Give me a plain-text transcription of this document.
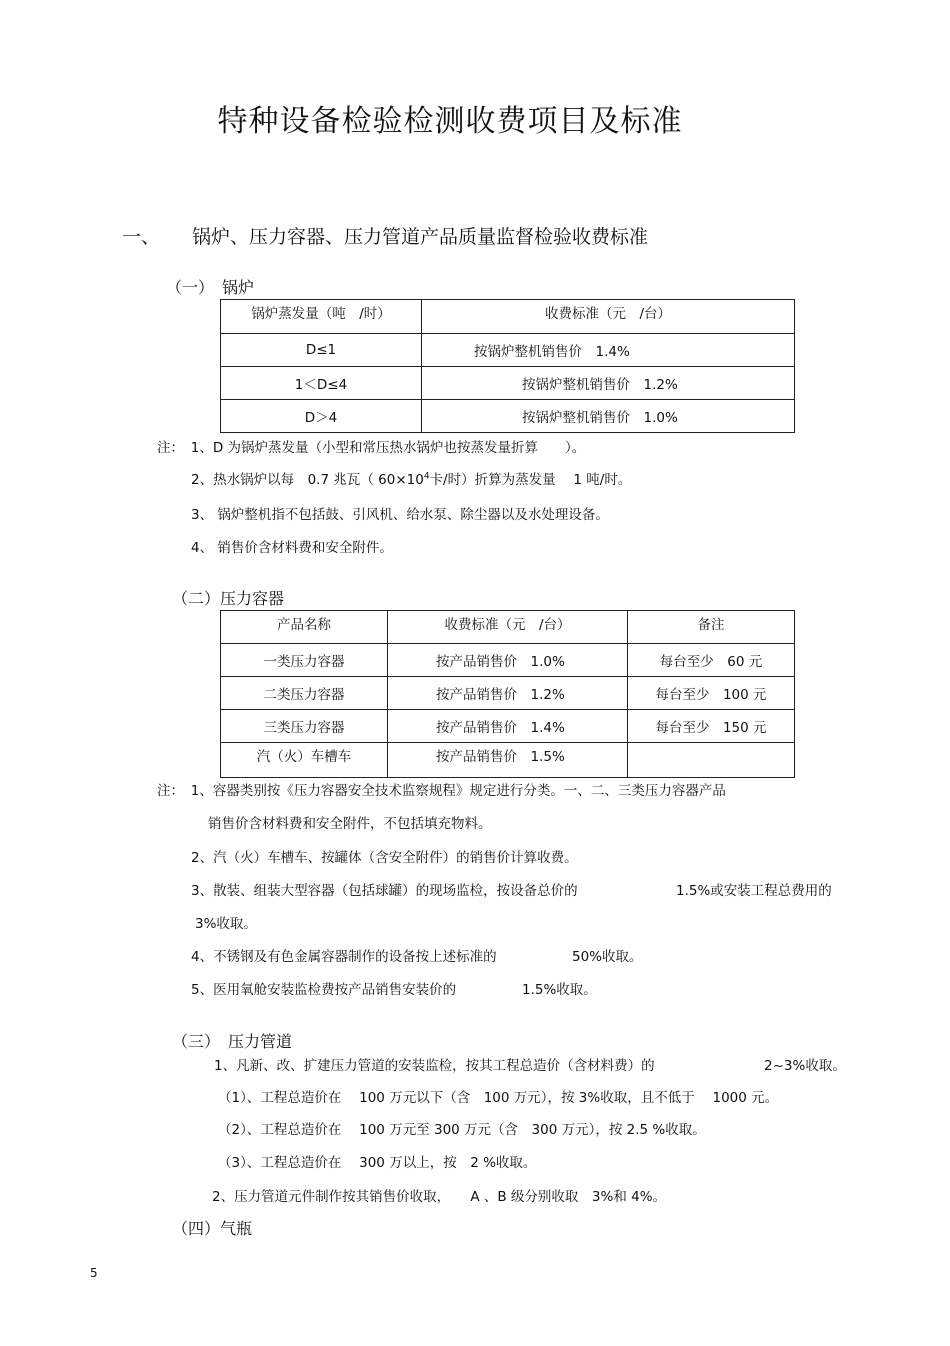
特种设备检验检测收费项目及标准
一、 锅炉、压力容器、压力管道产品质量监督检验收费标准
（一）　锅炉
锅炉蒸发量（吨　/时）	收费标准（元　/台）
D≤1	按锅炉整机销售价　1.4%
1＜D≤4	按锅炉整机销售价　1.2%
D＞4	按锅炉整机销售价　1.0%
注：　1、D 为锅炉蒸发量（小型和常压热水锅炉也按蒸发量折算　　）。
2、热水锅炉以每　0.7 兆瓦（ $60\times 10^4$卡/时）折算为蒸发量　 1 吨/时。
3、 锅炉整机指不包括鼓、引风机、给水泵、除尘器以及水处理设备。
4、 销售价含材料费和安全附件。
（二）压力容器
产品名称	收费标准（元　/台）	备注
一类压力容器	按产品销售价　1.0%	每台至少　60 元
二类压力容器	按产品销售价　1.2%	每台至少　100 元
三类压力容器	按产品销售价　1.4%	每台至少　150 元
汽（火）车槽车	按产品销售价　1.5%	
注：　1、容器类别按《压力容器安全技术监察规程》规定进行分类。一、二、三类压力容器产品
销售价含材料费和安全附件，不包括填充物料。
2、汽（火）车槽车、按罐体（含安全附件）的销售价计算收费。
3、散装、组装大型容器（包括球罐）的现场监检，按设备总价的	1.5%或安装工程总费用的
3%收取。
4、不锈钢及有色金属容器制作的设备按上述标准的	50%收取。
5、医用氧舱安装监检费按产品销售安装价的	1.5%收取。
（三）　压力管道
1、凡新、改、扩建压力管道的安装监检，按其工程总造价（含材料费）的	2~3%收取。
（1）、工程总造价在　 100 万元以下（含　100 万元），按 3%收取，且不低于　 1000 元。
（2）、工程总造价在　 100 万元至 300 万元（含　300 万元），按 2.5 %收取。
（3）、工程总造价在　 300 万以上，按　2 %收取。
2、压力管道元件制作按其销售价收取，　　A 、B 级分别收取　3%和 4%。
（四）气瓶
5
